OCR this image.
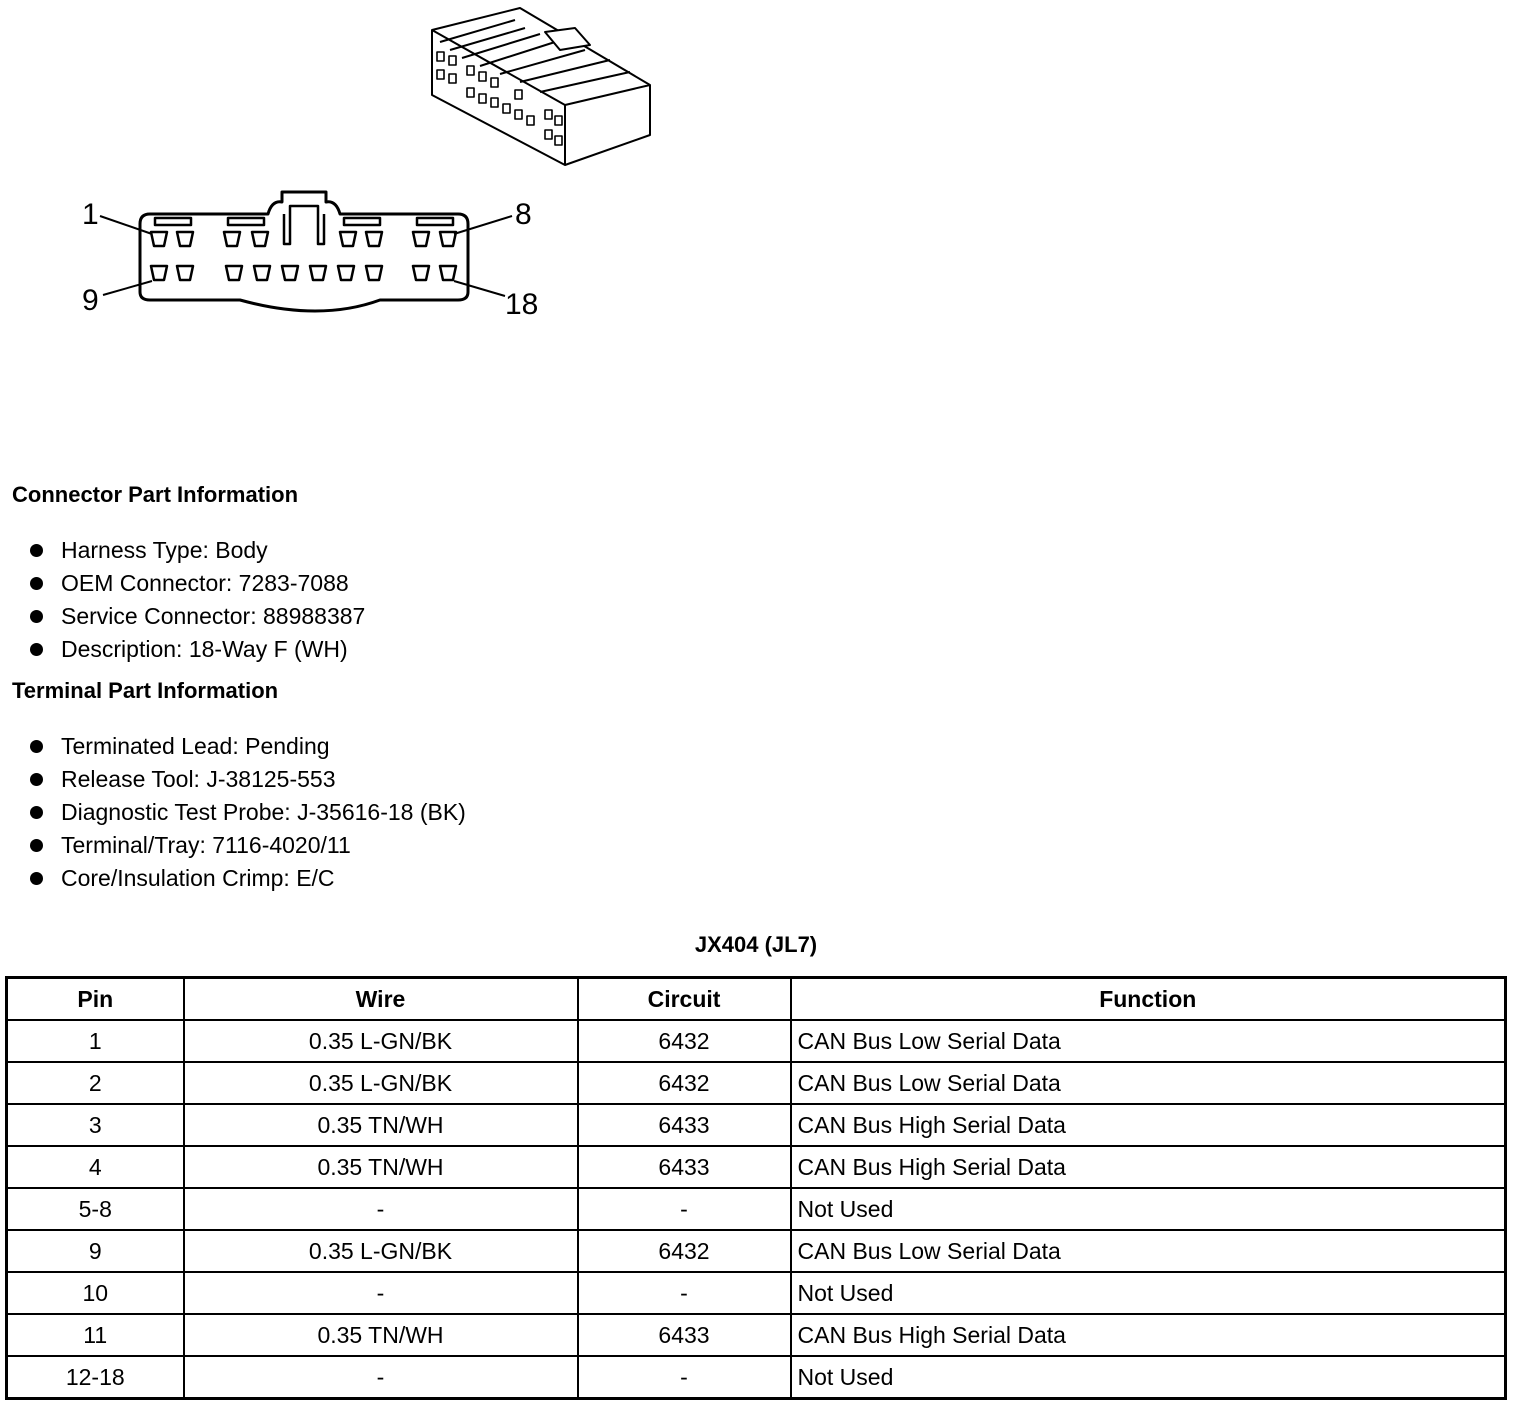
1	8
9	18
Connector Part Information
Harness Type: Body
OEM Connector: 7283-7088
Service Connector: 88988387
Description: 18-Way F (WH)
Terminal Part Information
Terminated Lead: Pending
Release Tool: J-38125-553
Diagnostic Test Probe: J-35616-18 (BK)
Terminal/Tray: 7116-4020/11
Core/Insulation Crimp: E/C
JX404 (JL7)
Pin	Wire	Circuit	Function
1	0.35 L-GN/BK	6432	CAN Bus Low Serial Data
2	0.35 L-GN/BK	6432	CAN Bus Low Serial Data
3	0.35 TN/WH	6433	CAN Bus High Serial Data
4	0.35 TN/WH	6433	CAN Bus High Serial Data
5-8	-	-	Not Used
9	0.35 L-GN/BK	6432	CAN Bus Low Serial Data
10	-	-	Not Used
11	0.35 TN/WH	6433	CAN Bus High Serial Data
12-18	-	-	Not Used
